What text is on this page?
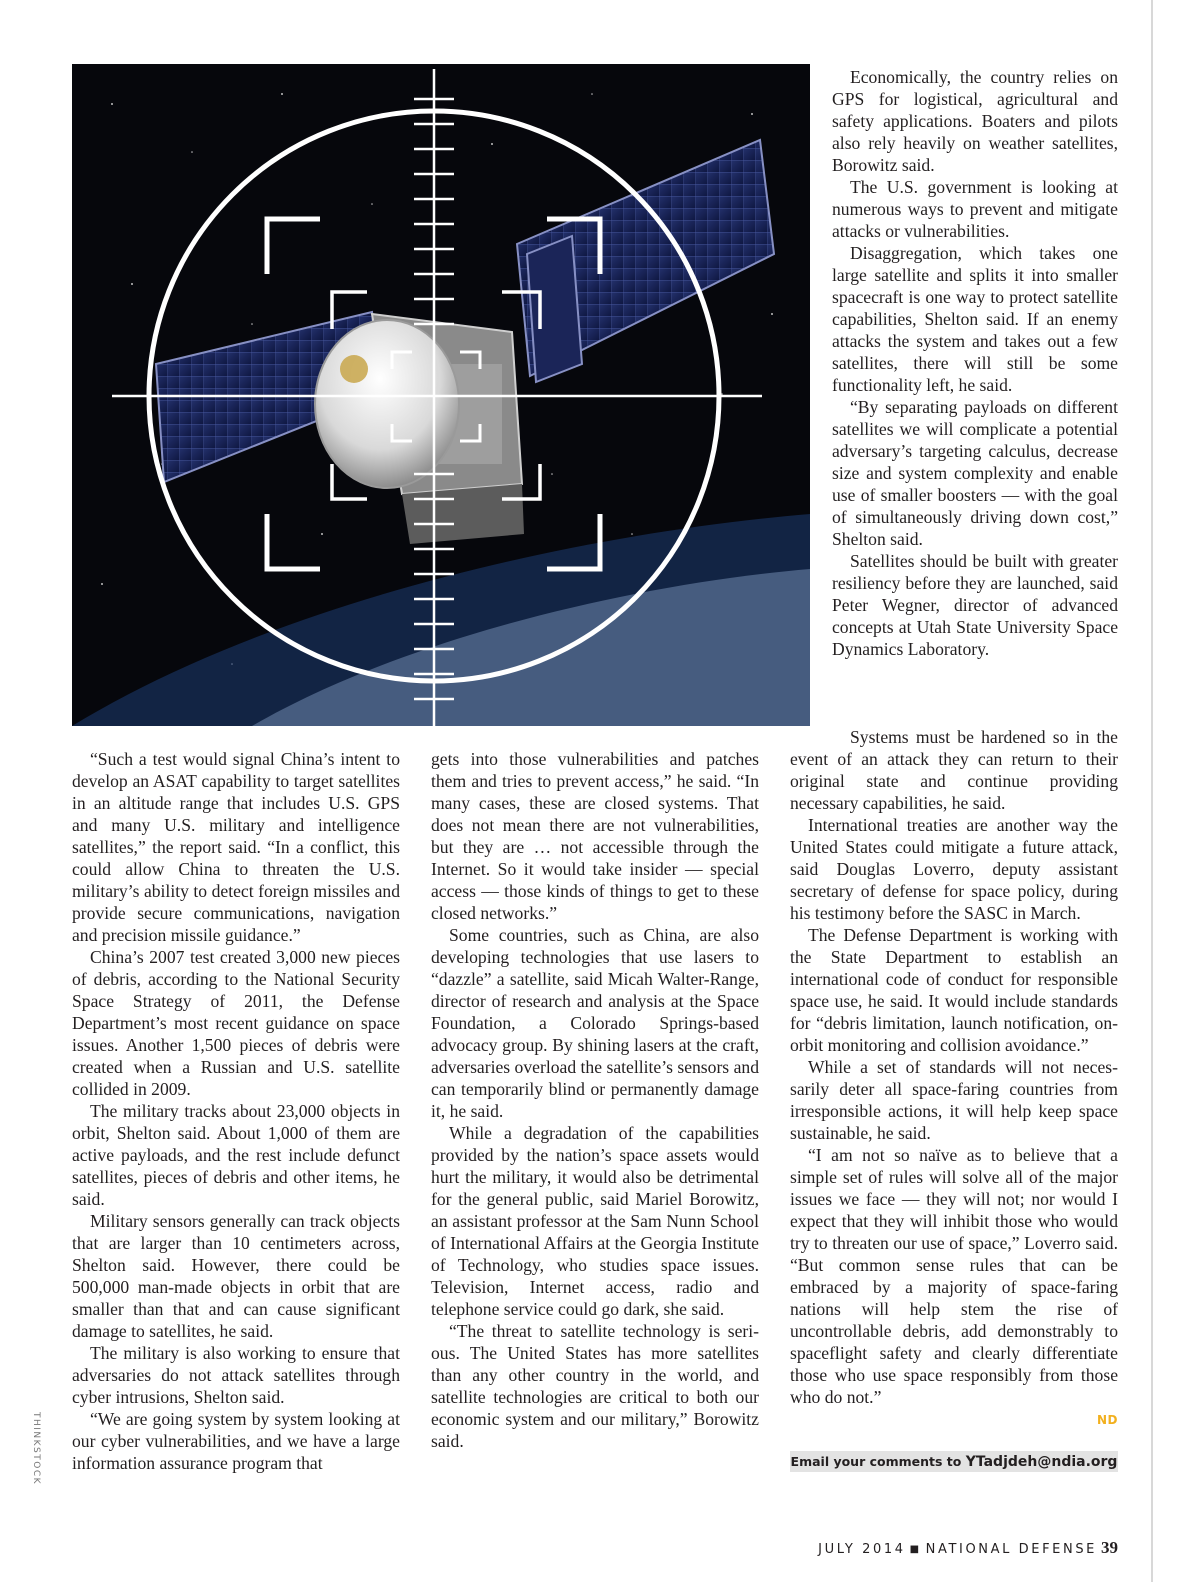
THINKSTOCK

“Such a test would signal China’s intent to develop an ASAT capability to target satellites in an altitude range that includes U.S. GPS and many U.S. military and intelligence satellites,” the report said. “In a conflict, this could allow China to threaten the U.S. military’s ability to detect foreign missiles and provide secure communications, navigation and precision missile guidance.”

China’s 2007 test created 3,000 new pieces of debris, according to the National Security Space Strategy of 2011, the Defense Department’s most recent guidance on space issues. Another 1,500 pieces of debris were created when a Russian and U.S. satellite collided in 2009.

The military tracks about 23,000 objects in orbit, Shelton said. About 1,000 of them are active payloads, and the rest include defunct satellites, pieces of debris and other items, he said.

Military sensors generally can track objects that are larger than 10 centimeters across, Shelton said. However, there could be 500,000 man-made objects in orbit that are smaller than that and can cause significant damage to satellites, he said.

The military is also working to ensure that adversaries do not attack satellites through cyber intrusions, Shelton said.

“We are going system by system looking at our cyber vulnerabilities, and we have a large information assurance program that

gets into those vulnerabilities and patches them and tries to prevent access,” he said. “In many cases, these are closed systems. That does not mean there are not vulnerabilities, but they are … not accessible through the Internet. So it would take insider — special access — those kinds of things to get to these closed networks.”

Some countries, such as China, are also developing technologies that use lasers to “dazzle” a satellite, said Micah Walter-Range, director of research and analysis at the Space Foundation, a Colorado Springs-based advocacy group. By shining lasers at the craft, adversaries overload the satellite’s sensors and can temporarily blind or permanently damage it, he said.

While a degradation of the capabilities provided by the nation’s space assets would hurt the military, it would also be detrimental for the general public, said Mariel Borowitz, an assistant professor at the Sam Nunn School of International Affairs at the Georgia Institute of Technology, who studies space issues. Television, Internet access, radio and telephone service could go dark, she said.

“The threat to satellite technology is serious. The United States has more satellites than any other country in the world, and satellite technologies are critical to both our economic system and our military,” Borowitz said.

Economically, the country relies on GPS for logistical, agricultural and safety applications. Boaters and pilots also rely heavily on weather satellites, Borowitz said.

The U.S. government is looking at numerous ways to prevent and mitigate attacks or vulnerabilities.

Disaggregation, which takes one large satellite and splits it into smaller spacecraft is one way to protect satellite capabilities, Shelton said. If an enemy attacks the system and takes out a few satellites, there will still be some functionality left, he said.

“By separating payloads on different satellites we will complicate a potential adversary’s targeting calculus, decrease size and system complexity and enable use of smaller boosters — with the goal of simultaneously driving down cost,” Shelton said.

Satellites should be built with greater resiliency before they are launched, said Peter Wegner, director of advanced concepts at Utah State University Space Dynamics Laboratory.

Systems must be hardened so in the event of an attack they can return to their original state and continue providing necessary capabilities, he said.

International treaties are another way the United States could mitigate a future attack, said Douglas Loverro, deputy assistant secretary of defense for space policy, during his testimony before the SASC in March.

The Defense Department is working with the State Department to establish an international code of conduct for responsible space use, he said. It would include standards for “debris limitation, launch notification, on-orbit monitoring and collision avoidance.”

While a set of standards will not necessarily deter all space-faring countries from irresponsible actions, it will help keep space sustainable, he said.

“I am not so naïve as to believe that a simple set of rules will solve all of the major issues we face — they will not; nor would I expect that they will inhibit those who would try to threaten our use of space,” Loverro said. “But common sense rules that can be embraced by a majority of space-faring nations will help stem the rise of uncontrollable debris, add demonstrably to spaceflight safety and clearly differentiate those who use space responsibly from those who do not.”

ND
Email your comments to YTadjdeh@ndia.org
JULY 2014 ■ NATIONAL DEFENSE 39
